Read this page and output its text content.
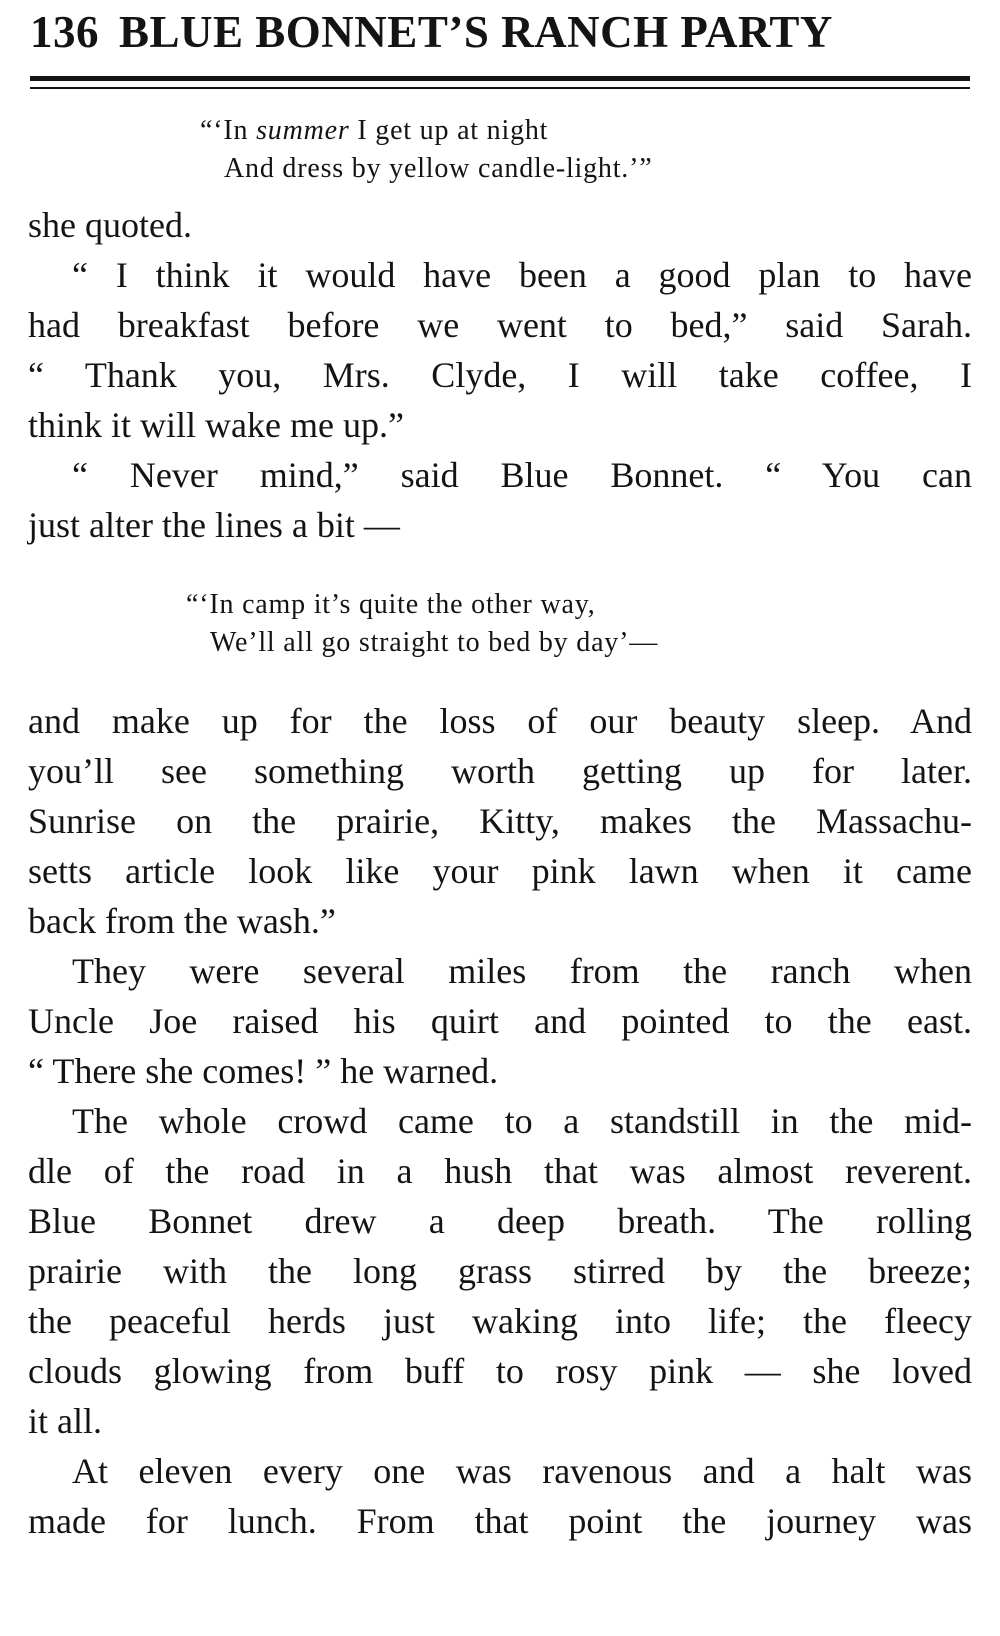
136 BLUE BONNET’S RANCH PARTY
“‘In summer I get up at night
And dress by yellow candle-light.’”
she quoted.
“ I think it would have been a good plan to have
had breakfast before we went to bed,” said Sarah.
“ Thank you, Mrs. Clyde, I will take coffee, I
think it will wake me up.”
“ Never mind,” said Blue Bonnet. “ You can
just alter the lines a bit —
“‘In camp it’s quite the other way,
We’ll all go straight to bed by day’—
and make up for the loss of our beauty sleep. And
you’ll see something worth getting up for later.
Sunrise on the prairie, Kitty, makes the Massachu-
setts article look like your pink lawn when it came
back from the wash.”
They were several miles from the ranch when
Uncle Joe raised his quirt and pointed to the east.
“ There she comes! ” he warned.
The whole crowd came to a standstill in the mid-
dle of the road in a hush that was almost reverent.
Blue Bonnet drew a deep breath. The rolling
prairie with the long grass stirred by the breeze;
the peaceful herds just waking into life; the fleecy
clouds glowing from buff to rosy pink — she loved
it all.
At eleven every one was ravenous and a halt was
made for lunch. From that point the journey was
